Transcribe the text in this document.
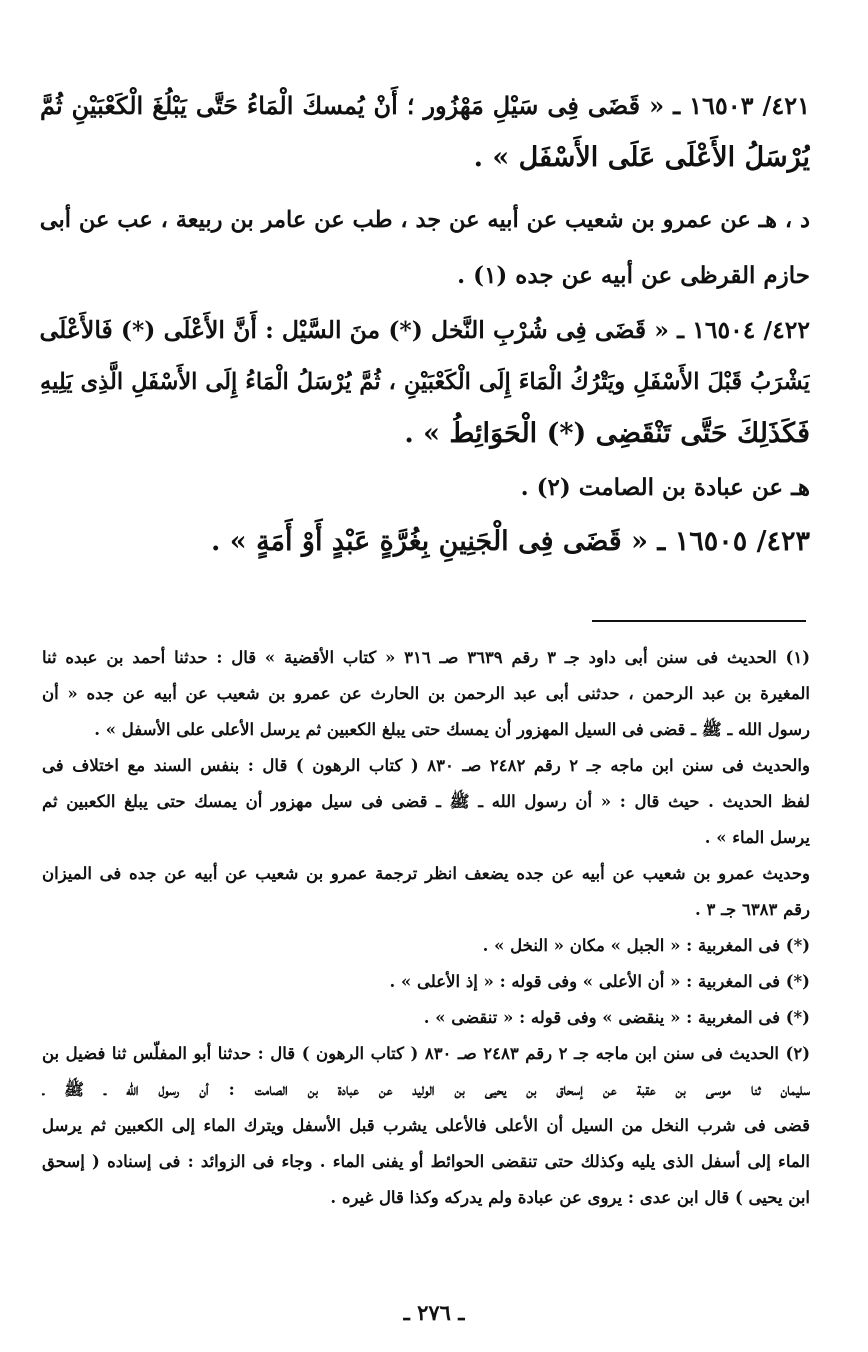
٤٢١/ ١٦٥٠٣ ـ « قَضَى فِى سَيْلِ مَهْزُور ؛ أَنْ يُمسكَ الْمَاءُ حَتَّى يَبْلُغَ الْكَعْبَيْنِ ثُمَّ
يُرْسَلُ الأَعْلَى عَلَى الأَسْفَل » .
د ، هـ عن عمرو بن شعيب عن أبيه عن جد ، طب عن عامر بن ربيعة ، عب عن أبى
حازم القرظى عن أبيه عن جده (١) .
٤٢٢/ ١٦٥٠٤ ـ « قَضَى فِى شُرْبِ النَّخل (*) منَ السَّيْل : أَنَّ الأَعْلَى (*) فَالأَعْلَى
يَشْرَبُ قَبْلَ الأَسْفَلِ ويَتْرُكُ الْمَاءَ إِلَى الْكَعْبَيْنِ ، ثُمَّ يُرْسَلُ الْمَاءُ إِلَى الأَسْفَلِ الَّذِى يَلِيهِ
فَكَذَلِكَ حَتَّى تَنْقَضِى (*) الْحَوَائِطُ » .
هـ عن عبادة بن الصامت (٢) .
٤٢٣/ ١٦٥٠٥ ـ « قَضَى فِى الْجَنِينِ بِغُرَّةٍ عَبْدٍ أَوْ أَمَةٍ » .
(١) الحديث فى سنن أبى داود جـ ٣ رقم ٣٦٣٩ صـ ٣١٦ « كتاب الأقضية » قال : حدثنا أحمد بن عبده ثنا
المغيرة بن عبد الرحمن ، حدثنى أبى عبد الرحمن بن الحارث عن عمرو بن شعيب عن أبيه عن جده « أن
رسول الله ـ ﷺ ـ قضى فى السيل المهزور أن يمسك حتى يبلغ الكعبين ثم يرسل الأعلى على الأسفل » .
والحديث فى سنن ابن ماجه جـ ٢ رقم ٢٤٨٢ صـ ٨٣٠ ( كتاب الرهون ) قال : بنفس السند مع اختلاف فى
لفظ الحديث . حيث قال : « أن رسول الله ـ ﷺ ـ قضى فى سيل مهزور أن يمسك حتى يبلغ الكعبين ثم
يرسل الماء » .
وحديث عمرو بن شعيب عن أبيه عن جده يضعف انظر ترجمة عمرو بن شعيب عن أبيه عن جده فى الميزان
رقم ٦٣٨٣ جـ ٣ .
(*) فى المغربية : « الجبل » مكان « النخل » .
(*) فى المغربية : « أن الأعلى » وفى قوله : « إذ الأعلى » .
(*) فى المغربية : « ينقضى » وفى قوله : « تنقضى » .
(٢) الحديث فى سنن ابن ماجه جـ ٢ رقم ٢٤٨٣ صـ ٨٣٠ ( كتاب الرهون ) قال : حدثنا أبو المفلّس ثنا فضيل بن
سليمان ثنا موسى بن عقبة عن إسحاق بن يحيى بن الوليد عن عبادة بن الصامت : أن رسول الله ـ ﷺ ـ
قضى فى شرب النخل من السيل أن الأعلى فالأعلى يشرب قبل الأسفل ويترك الماء إلى الكعبين ثم يرسل
الماء إلى أسفل الذى يليه وكذلك حتى تنقضى الحوائط أو يفنى الماء . وجاء فى الزوائد : فى إسناده ( إسحق
ابن يحيى ) قال ابن عدى : يروى عن عبادة ولم يدركه وكذا قال غيره .
ـ ٢٧٦ ـ
